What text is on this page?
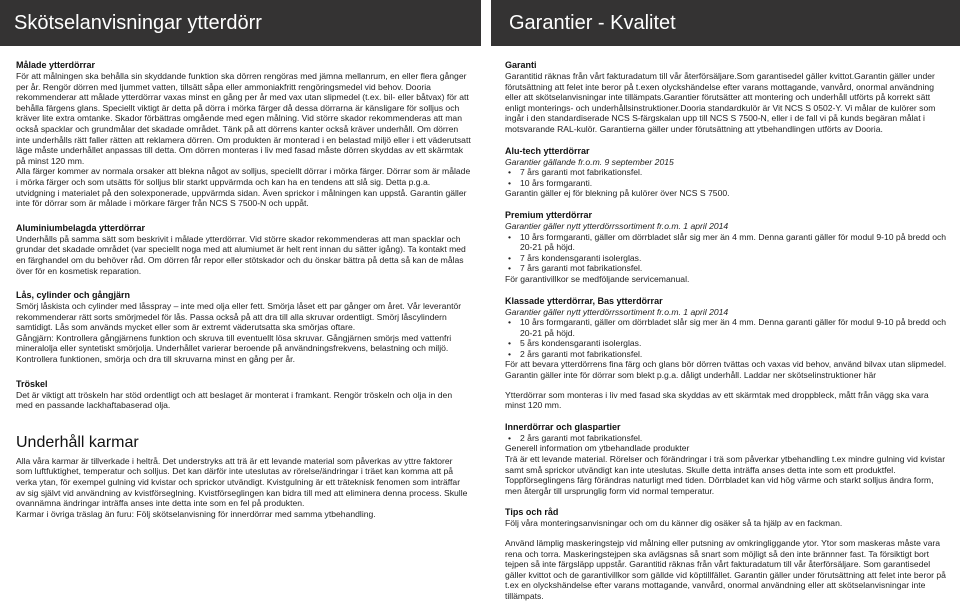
Skötselanvisningar ytterdörr	Garantier - Kvalitet
Målade ytterdörrar

För att målningen ska behålla sin skyddande funktion ska dörren rengöras med jämna mellanrum, en eller flera gånger per år. Rengör dörren med ljummet vatten, tillsätt såpa eller ammoniakfritt rengöringsmedel vid behov. Dooria rekommenderar att målade ytterdörrar vaxas minst en gång per år med vax utan slipmedel (t.ex. bil- eller båtvax) för att behålla färgens glans. Speciellt viktigt är detta på dörra i mörka färger då dessa dörrarna är känsligare för solljus och kräver lite extra omtanke. Skador förbättras omgående med egen målning. Vid större skador rekommenderas att man också spacklar och grundmålar det skadade området. Tänk på att dörrens kanter också kräver underhåll. Om dörren inte underhålls rätt faller rätten att reklamera dörren. Om produkten är monterad i en belastad miljö eller i ett väderutsatt läge måste underhållet anpassas till detta. Om dörren monteras i liv med fasad måste dörren skyddas av ett skärmtak på minst 120 mm.

Alla färger kommer av normala orsaker att blekna något av solljus, speciellt dörrar i mörka färger. Dörrar som är målade i mörka färger och som utsätts för solljus blir starkt uppvärmda och kan ha en tendens att slå sig. Detta p.g.a. utvidgning i materialet på den solexponerade, uppvärmda sidan. Även sprickor i målningen kan uppstå. Garantin gäller inte för dörrar som är målade i mörkare färger från NCS S 7500-N och uppåt.

Aluminiumbelagda ytterdörrar

Underhålls på samma sätt som beskrivit i målade ytterdörrar. Vid större skador rekommenderas att man spacklar och grundar det skadade området (var speciellt noga med att alumiumet är helt rent innan du sätter igång). Ta kontakt med en färghandel om du behöver råd. Om dörren får repor eller stötskador och du önskar bättra på detta så kan de målas över för en kosmetisk reparation.

Lås, cylinder och gångjärn

Smörj låskista och cylinder med låsspray – inte med olja eller fett. Smörja låset ett par gånger om året. Vår leverantör rekommenderar rätt sorts smörjmedel för lås. Passa också på att dra till alla skruvar ordentligt. Smörj låscylindern samtidigt. Lås som används mycket eller som är extremt väderutsatta ska smörjas oftare.

Gångjärn: Kontrollera gångjärnens funktion och skruva till eventuellt lösa skruvar. Gångjärnen smörjs med vattenfri mineralolja eller syntetiskt smörjolja. Underhållet varierar beroende på användningsfrekvens, belastning och miljö. Kontrollera funktionen, smörja och dra till skruvarna minst en gång per år.

Tröskel

Det är viktigt att tröskeln har stöd ordentligt och att beslaget är monterat i framkant. Rengör tröskeln och olja in den med en passande lackhaftabaserad olja.

Underhåll karmar

Alla våra karmar är tillverkade i heltrå. Det understryks att trä är ett levande material som påverkas av yttre faktorer som luftfuktighet, temperatur och solljus. Det kan därför inte uteslutas av rörelse/ändringar i träet kan komma att på verka ytan, för exempel gulning vid kvistar och sprickor utvändigt. Kvistgulning är ett träteknisk fenomen som inträffar av sig självt vid användning av kvistförseglning. Kvistförseglingen kan bidra till med att eliminera denna process. Skulle ovannämna ändringar inträffa anses inte detta inte som en fel på produkten.

Karmar i övriga träslag än furu: Följ skötselanvisning för innerdörrar med samma ytbehandling.

Garanti

Garantitid räknas från vårt fakturadatum till vår återförsäljare.Som garantisedel gäller kvittot.Garantin gäller under förutsättning att felet inte beror på t.exen olyckshändelse efter varans mottagande, vanvård, onormal användning eller att skötselanvisningar inte tillämpats.Garantier förutsätter att montering och underhåll utförts på korrekt sätt enligt monterings- och underhållsinstruktioner.Dooria standardkulör är Vit NCS S 0502-Y. Vi målar de kulörer som ingår i den standardiserade NCS S-färgskalan upp till NCS S 7500-N, eller i de fall vi på kunds begäran målat i motsvarande RAL-kulör. Garantierna gäller under förutsättning att ytbehandlingen utförts av Dooria.

Alu-tech ytterdörrar
Garantier gällande fr.o.m. 9 september 2015
• 7 års garanti mot fabrikationsfel.
• 10 års formgaranti.

Garantin gäller ej för blekning på kulörer över NCS S 7500.

Premium ytterdörrar
Garantier gäller nytt ytterdörrssortiment fr.o.m. 1 april 2014
• 10 års formgaranti, gäller om dörrbladet slår sig mer än 4 mm. Denna garanti gäller för modul 9-10 på bredd och 20-21 på höjd.
• 7 års kondensgaranti isolerglas.
• 7 års garanti mot fabrikationsfel.

För garantivillkor se medföljande servicemanual.

Klassade ytterdörrar, Bas ytterdörrar
Garantier gäller nytt ytterdörrssortiment fr.o.m. 1 april 2014
• 10 års formgaranti, gäller om dörrbladet slår sig mer än 4 mm. Denna garanti gäller för modul 9-10 på bredd och 20-21 på höjd.
• 5 års kondensgaranti isolerglas.
• 2 års garanti mot fabrikationsfel.

För att bevara ytterdörrens fina färg och glans bör dörren tvättas och vaxas vid behov, använd bilvax utan slipmedel. Garantin gäller inte för dörrar som blekt p.g.a. dåligt underhåll. Laddar ner skötselinstruktioner här

Ytterdörrar som monteras i liv med fasad ska skyddas av ett skärmtak med droppbleck, mått från vägg ska vara minst 120 mm.

Innerdörrar och glaspartier
• 2 års garanti mot fabrikationsfel.

Generell information om ytbehandlade produkter

Trä är ett levande material. Rörelser och förändringar i trä som påverkar ytbehandling t.ex mindre gulning vid kvistar samt små sprickor utvändigt kan inte uteslutas. Skulle detta inträffa anses detta inte som ett produktfel. Toppförseglingens färg förändras naturligt med tiden. Dörrbladet kan vid hög värme och starkt solljus ändra form, men återgår till ursprunglig form vid normal temperatur.

Tips och råd

Följ våra monteringsanvisningar och om du känner dig osäker så ta hjälp av en fackman.

Använd lämplig maskeringstejp vid målning eller putsning av omkringliggande ytor. Ytor som maskeras måste vara rena och torra. Maskeringstejpen ska avlägsnas så snart som möjligt så den inte brännner fast. Ta försiktigt bort tejpen så inte färgsläpp uppstår. Garantitid räknas från vårt fakturadatum till vår återförsäljare. Som garantisedel gäller kvittot och de garantivillkor som gällde vid köptillfället. Garantin gäller under förutsättning att felet inte beror på t.ex en olyckshändelse efter varans mottagande, vanvård, onormal användning eller att skötselanvisningar inte tillämpats.
